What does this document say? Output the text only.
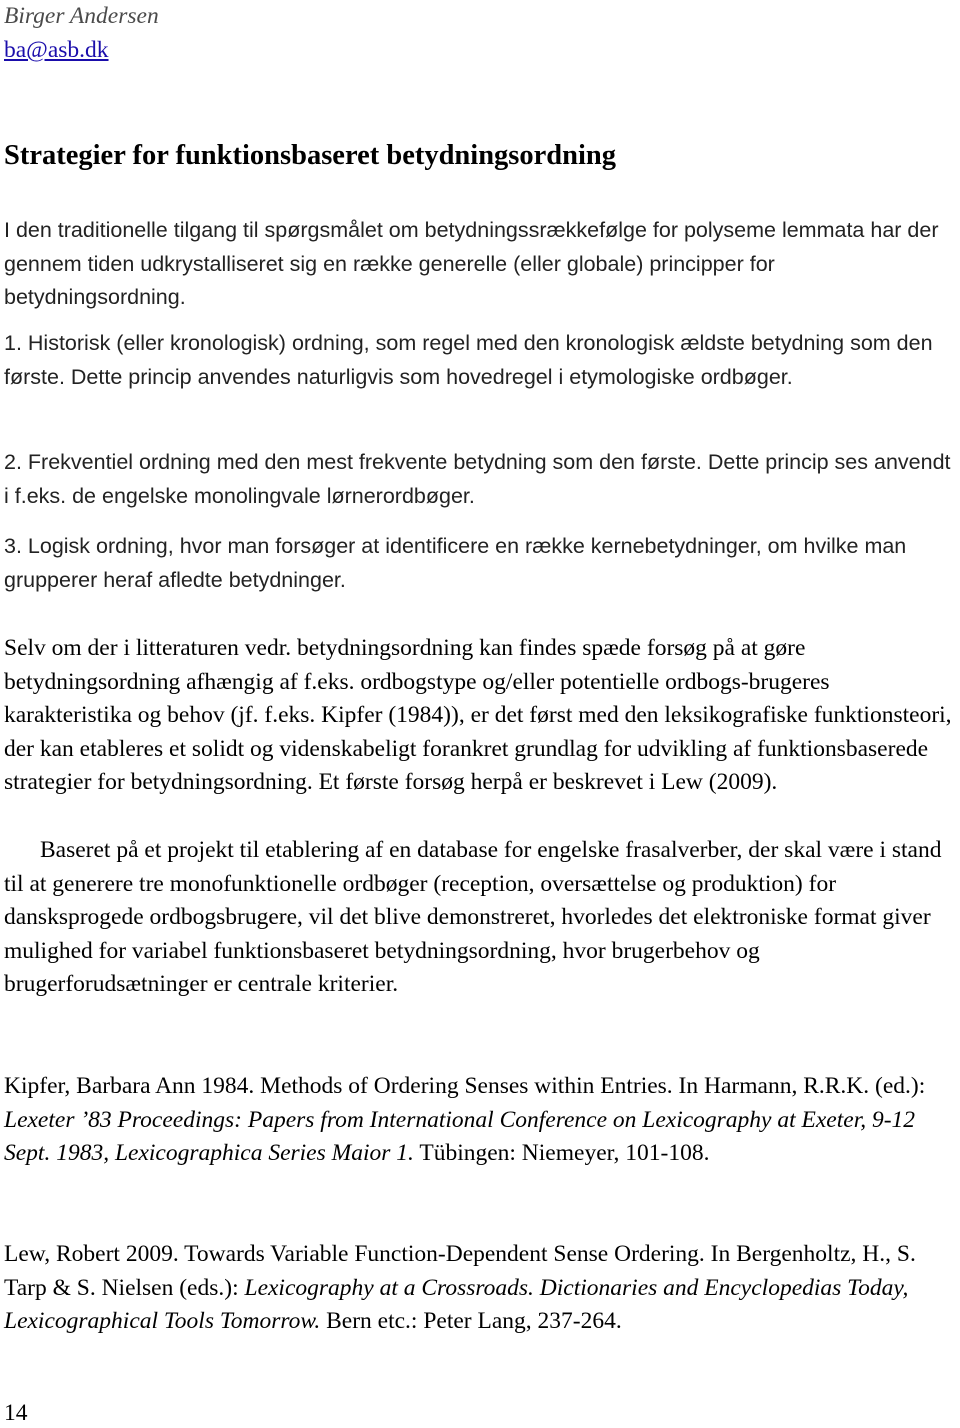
Birger Andersen
ba@asb.dk
Strategier for funktionsbaseret betydningsordning

I den traditionelle tilgang til spørgsmålet om betydningssrækkefølge for polyseme lemmata har der gennem tiden udkrystalliseret sig en række generelle (eller globale) principper for betydningsordning.

1. Historisk (eller kronologisk) ordning, som regel med den kronologisk ældste betydning som den første. Dette princip anvendes naturligvis som hovedregel i etymologiske ordbøger.

2. Frekventiel ordning med den mest frekvente betydning som den første. Dette princip ses anvendt i f.eks. de engelske monolingvale lørnerordbøger.

3. Logisk ordning, hvor man forsøger at identificere en række kernebetydninger, om hvilke man grupperer heraf afledte betydninger.

Selv om der i litteraturen vedr. betydningsordning kan findes spæde forsøg på at gøre betydningsordning afhængig af f.eks. ordbogstype og/eller potentielle ordbogs-brugeres karakteristika og behov (jf. f.eks. Kipfer (1984)), er det først med den leksikografiske funktionsteori, der kan etableres et solidt og videnskabeligt forankret grundlag for udvikling af funktionsbaserede strategier for betydningsordning. Et første forsøg herpå er beskrevet i Lew (2009).

Baseret på et projekt til etablering af en database for engelske frasalverber, der skal være i stand til at generere tre monofunktionelle ordbøger (reception, oversættelse og produktion) for dansksprogede ordbogsbrugere, vil det blive demonstreret, hvorledes det elektroniske format giver mulighed for variabel funktionsbaseret betydningsordning, hvor brugerbehov og brugerforudsætninger er centrale kriterier.

Kipfer, Barbara Ann 1984. Methods of Ordering Senses within Entries. In Harmann, R.R.K. (ed.): Lexeter ’83 Proceedings: Papers from International Conference on Lexicography at Exeter, 9-12 Sept. 1983, Lexicographica Series Maior 1. Tübingen: Niemeyer, 101-108.

Lew, Robert 2009. Towards Variable Function-Dependent Sense Ordering. In Bergenholtz, H., S. Tarp & S. Nielsen (eds.): Lexicography at a Crossroads. Dictionaries and Encyclopedias Today, Lexicographical Tools Tomorrow. Bern etc.: Peter Lang, 237-264.

14
